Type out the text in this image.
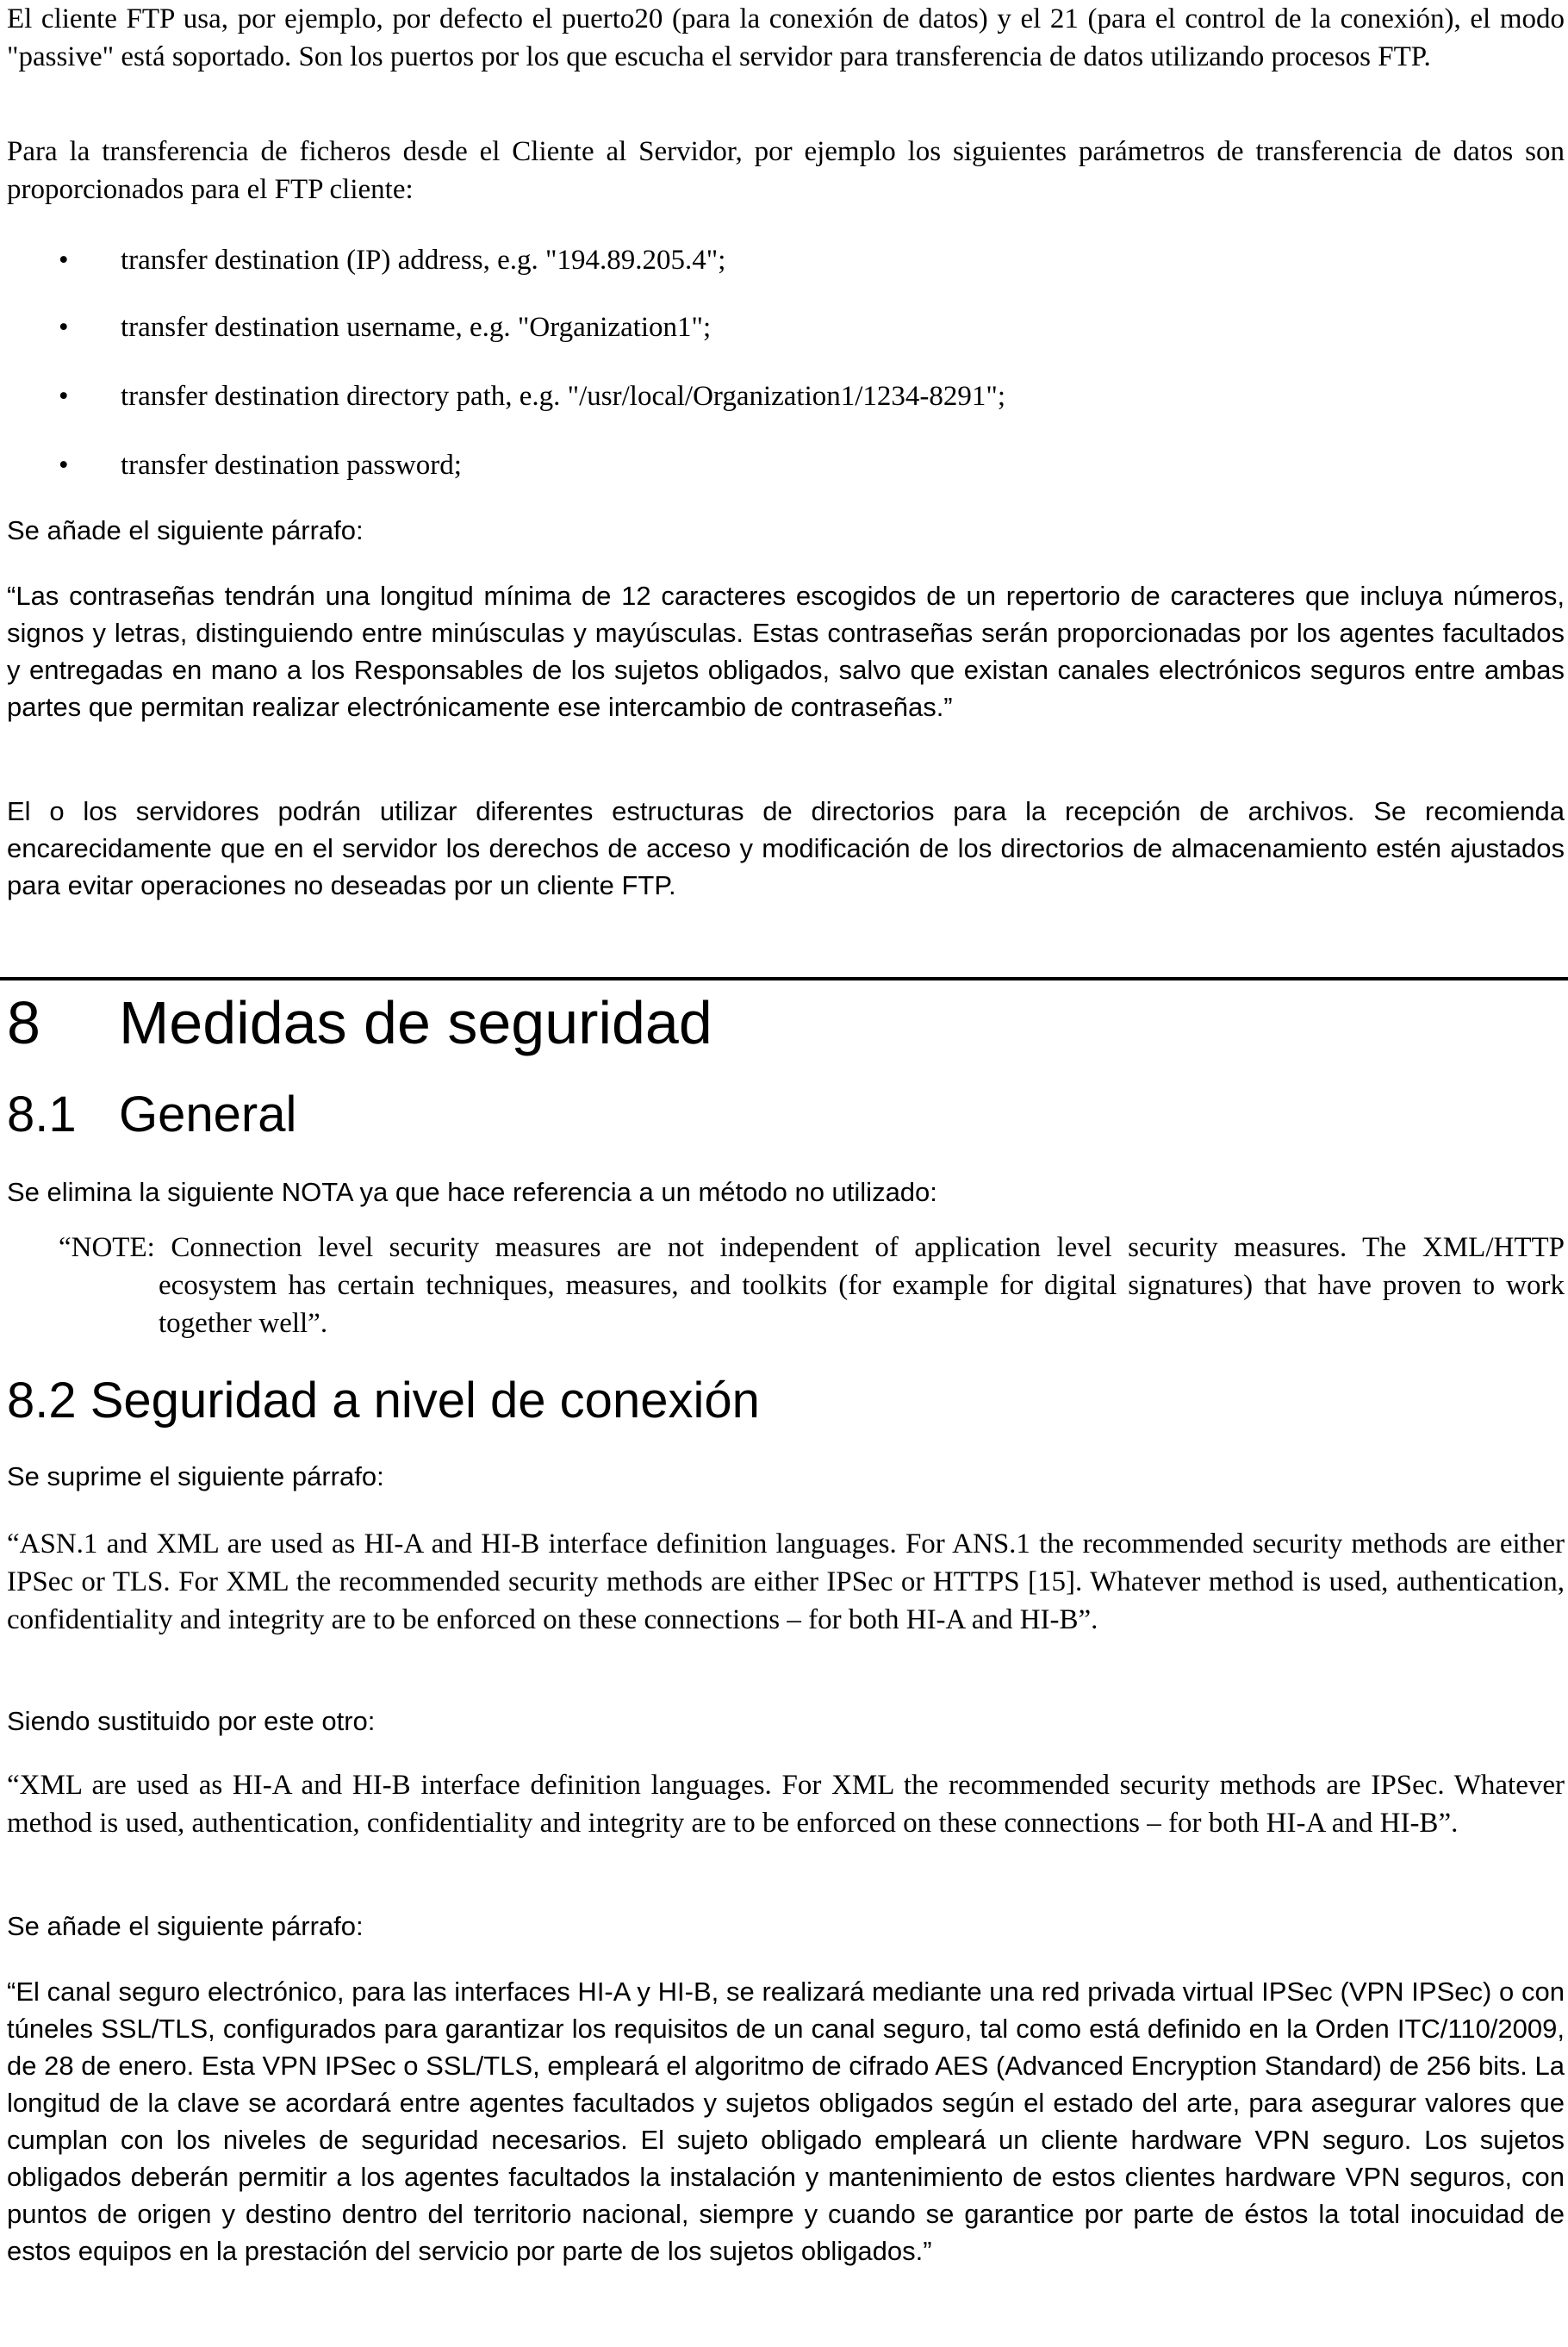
El cliente FTP usa, por ejemplo, por defecto el puerto20 (para la conexión de datos) y el 21 (para el control de la conexión), el modo "passive" está soportado. Son los puertos por los que escucha el servidor para transferencia de datos utilizando procesos FTP.

Para la transferencia de ficheros desde el Cliente al Servidor, por ejemplo los siguientes parámetros de transferencia de datos son proporcionados para el FTP cliente:

• transfer destination (IP) address, e.g. "194.89.205.4";
• transfer destination username, e.g. "Organization1";
• transfer destination directory path, e.g. "/usr/local/Organization1/1234-8291";
• transfer destination password;

Se añade el siguiente párrafo:

“Las contraseñas tendrán una longitud mínima de 12 caracteres escogidos de un repertorio de caracteres que incluya números, signos y letras, distinguiendo entre minúsculas y mayúsculas. Estas contraseñas serán proporcionadas por los agentes facultados y entregadas en mano a los Responsables de los sujetos obligados, salvo que existan canales electrónicos seguros entre ambas partes que permitan realizar electrónicamente ese intercambio de contraseñas.”

El o los servidores podrán utilizar diferentes estructuras de directorios para la recepción de archivos. Se recomienda encarecidamente que en el servidor los derechos de acceso y modificación de los directorios de almacenamiento estén ajustados para evitar operaciones no deseadas por un cliente FTP.

8 Medidas de seguridad
8.1 General

Se elimina la siguiente NOTA ya que hace referencia a un método no utilizado:

“NOTE: Connection level security measures are not independent of application level security measures. The XML/HTTP ecosystem has certain techniques, measures, and toolkits (for example for digital signatures) that have proven to work together well”.

8.2 Seguridad a nivel de conexión

Se suprime el siguiente párrafo:

“ASN.1 and XML are used as HI-A and HI-B interface definition languages. For ANS.1 the recommended security methods are either IPSec or TLS. For XML the recommended security methods are either IPSec or HTTPS [15]. Whatever method is used, authentication, confidentiality and integrity are to be enforced on these connections – for both HI-A and HI-B”.

Siendo sustituido por este otro:

“XML are used as HI-A and HI-B interface definition languages. For XML the recommended security methods are IPSec. Whatever method is used, authentication, confidentiality and integrity are to be enforced on these connections – for both HI-A and HI-B”.

Se añade el siguiente párrafo:

“El canal seguro electrónico, para las interfaces HI-A y HI-B, se realizará mediante una red privada virtual IPSec (VPN IPSec) o con túneles SSL/TLS, configurados para garantizar los requisitos de un canal seguro, tal como está definido en la Orden ITC/110/2009, de 28 de enero. Esta VPN IPSec o SSL/TLS, empleará el algoritmo de cifrado AES (Advanced Encryption Standard) de 256 bits. La longitud de la clave se acordará entre agentes facultados y sujetos obligados según el estado del arte, para asegurar valores que cumplan con los niveles de seguridad necesarios. El sujeto obligado empleará un cliente hardware VPN seguro. Los sujetos obligados deberán permitir a los agentes facultados la instalación y mantenimiento de estos clientes hardware VPN seguros, con puntos de origen y destino dentro del territorio nacional, siempre y cuando se garantice por parte de éstos la total inocuidad de estos equipos en la prestación del servicio por parte de los sujetos obligados.”
